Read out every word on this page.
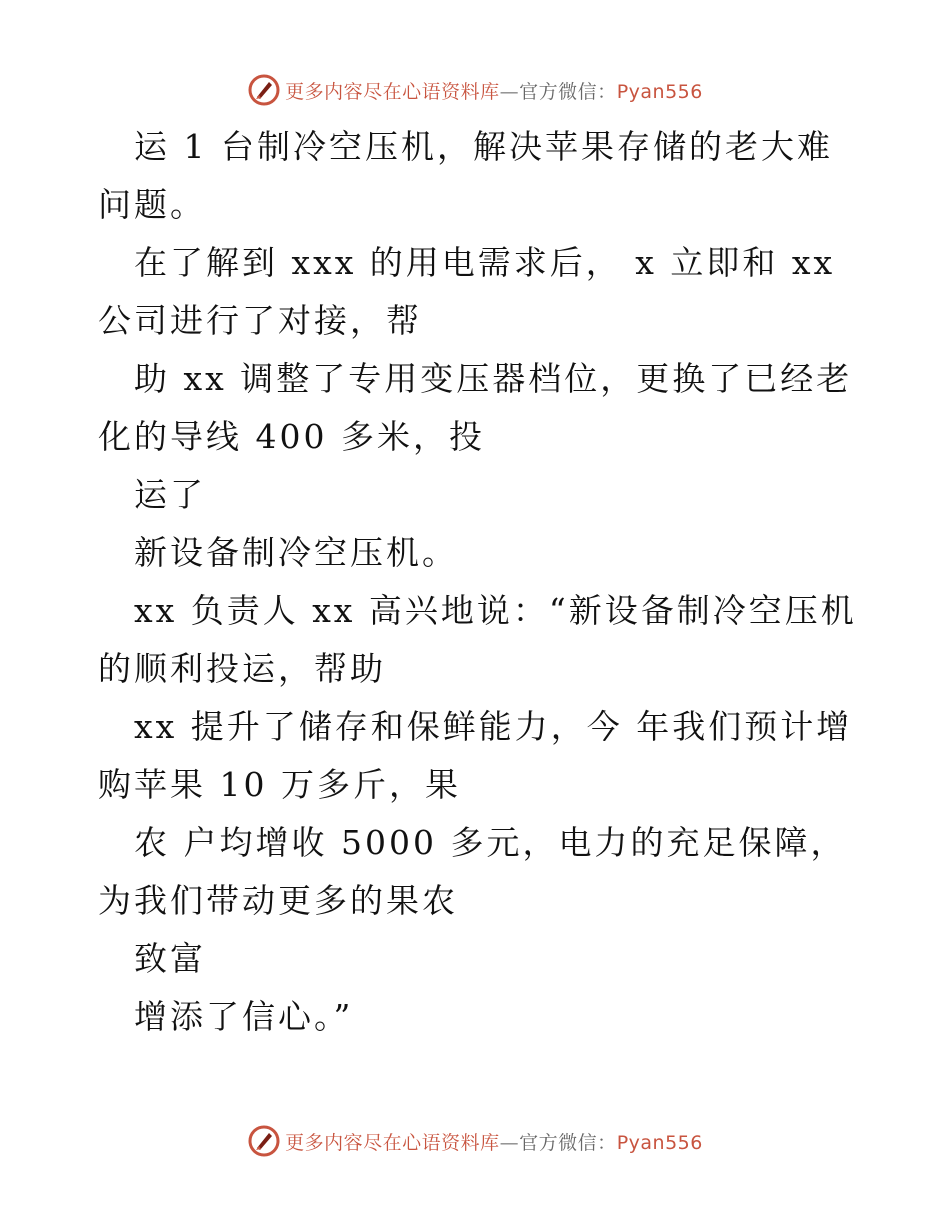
更多内容尽在心语资料库—官方微信：Pyan556

运 1 台制冷空压机，解决苹果存储的老大难问题。

在了解到 xxx 的用电需求后， x 立即和 xx 公司进行了对接，帮

助 xx 调整了专用变压器档位，更换了已经老化的导线 400 多米，投

运了

新设备制冷空压机。

xx 负责人 xx 高兴地说：“新设备制冷空压机的顺利投运，帮助

xx 提升了储存和保鲜能力，今 年我们预计增购苹果 10 万多斤，果

农 户均增收 5000 多元，电力的充足保障，为我们带动更多的果农

致富

增添了信心。”

更多内容尽在心语资料库—官方微信：Pyan556
